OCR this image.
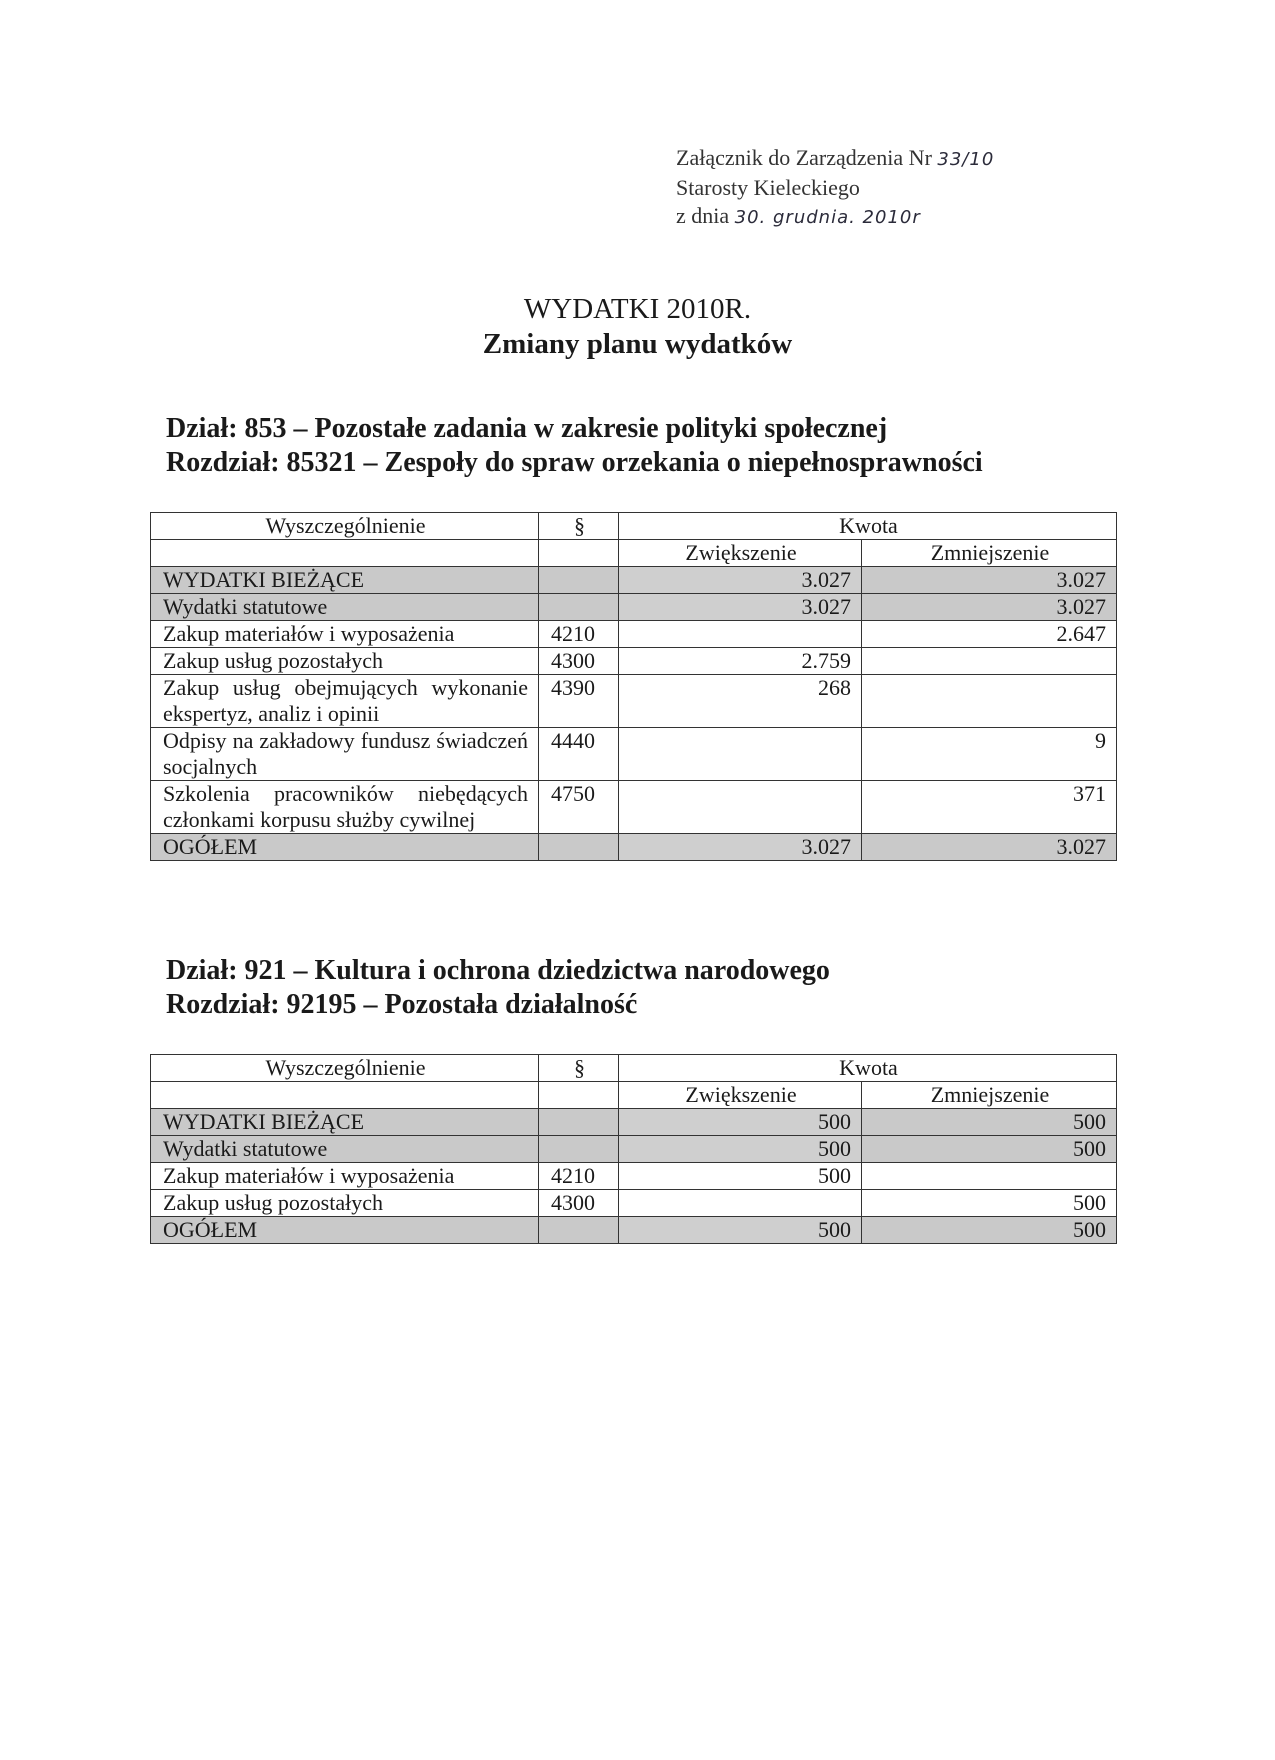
Załącznik do Zarządzenia Nr 33/10
Starosty Kieleckiego
z dnia 30. grudnia. 2010r
WYDATKI 2010R.
Zmiany planu wydatków
Dział: 853 – Pozostałe zadania w zakresie polityki społecznej
Rozdział: 85321 – Zespoły do spraw orzekania o niepełnosprawności
Wyszczególnienie	§	Kwota	
		Zwiększenie	Zmniejszenie
WYDATKI BIEŻĄCE		3.027	3.027
Wydatki statutowe		3.027	3.027
Zakup materiałów i wyposażenia	4210		2.647
Zakup usług pozostałych	4300	2.759	
Zakup usług obejmujących wykonanie ekspertyz, analiz i opinii	4390	268	
Odpisy na zakładowy fundusz świadczeń socjalnych	4440		9
Szkolenia pracowników niebędących członkami korpusu służby cywilnej	4750		371
OGÓŁEM		3.027	3.027
Dział: 921 – Kultura i ochrona dziedzictwa narodowego
Rozdział: 92195 – Pozostała działalność
Wyszczególnienie	§	Kwota	
		Zwiększenie	Zmniejszenie
WYDATKI BIEŻĄCE		500	500
Wydatki statutowe		500	500
Zakup materiałów i wyposażenia	4210	500	
Zakup usług pozostałych	4300		500
OGÓŁEM		500	500
